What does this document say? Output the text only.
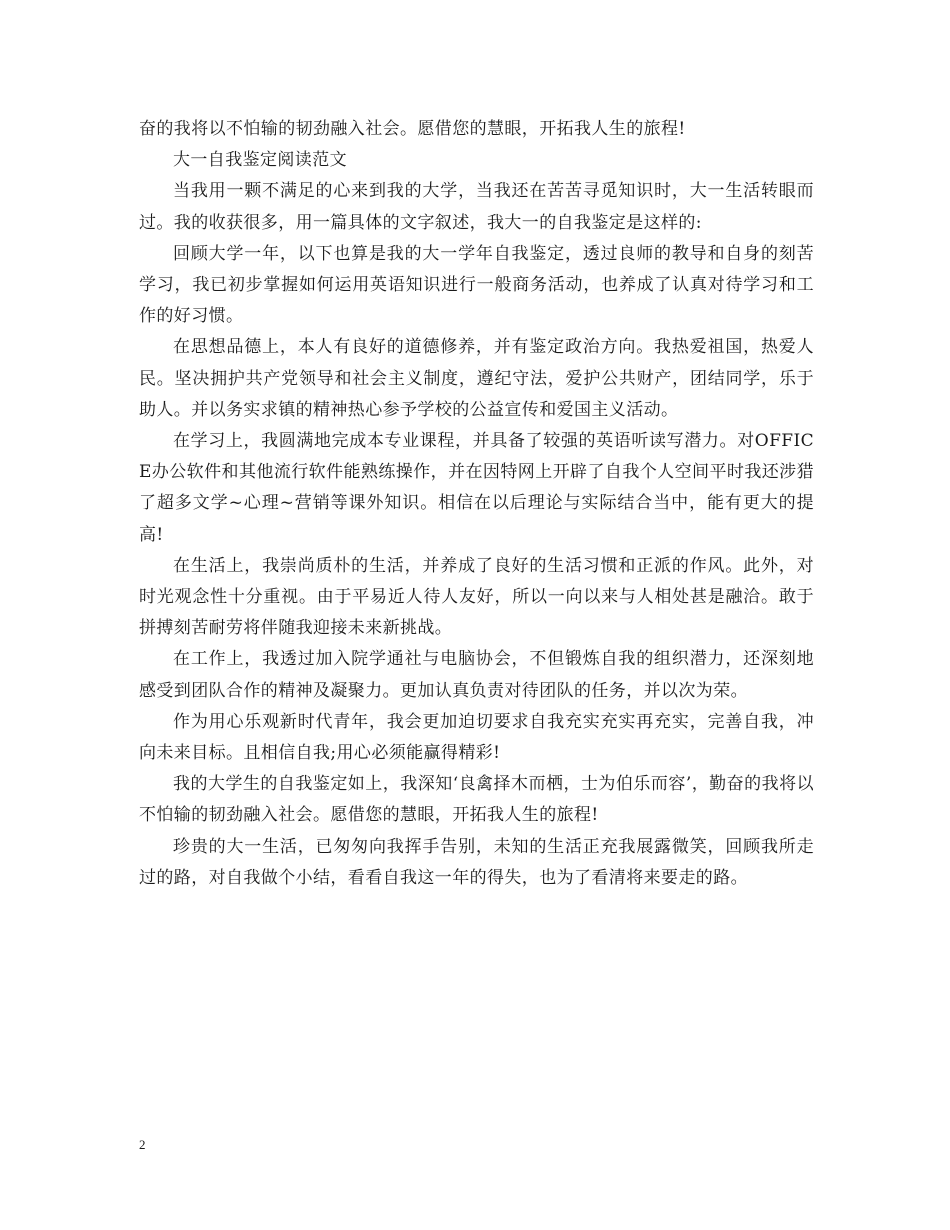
奋的我将以不怕输的韧劲融入社会。愿借您的慧眼，开拓我人生的旅程!

大一自我鉴定阅读范文

当我用一颗不满足的心来到我的大学，当我还在苦苦寻觅知识时，大一生活转眼而过。我的收获很多，用一篇具体的文字叙述，我大一的自我鉴定是这样的:

回顾大学一年，以下也算是我的大一学年自我鉴定，透过良师的教导和自身的刻苦学习，我已初步掌握如何运用英语知识进行一般商务活动，也养成了认真对待学习和工作的好习惯。

在思想品德上，本人有良好的道德修养，并有鉴定政治方向。我热爱祖国，热爱人民。坚决拥护共产党领导和社会主义制度，遵纪守法，爱护公共财产，团结同学，乐于助人。并以务实求镇的精神热心参予学校的公益宣传和爱国主义活动。

在学习上，我圆满地完成本专业课程，并具备了较强的英语听读写潜力。对OFFICE办公软件和其他流行软件能熟练操作，并在因特网上开辟了自我个人空间平时我还涉猎了超多文学~心理~营销等课外知识。相信在以后理论与实际结合当中，能有更大的提高!

在生活上，我崇尚质朴的生活，并养成了良好的生活习惯和正派的作风。此外，对时光观念性十分重视。由于平易近人待人友好，所以一向以来与人相处甚是融洽。敢于拼搏刻苦耐劳将伴随我迎接未来新挑战。

在工作上，我透过加入院学通社与电脑协会，不但锻炼自我的组织潜力，还深刻地感受到团队合作的精神及凝聚力。更加认真负责对待团队的任务，并以次为荣。

作为用心乐观新时代青年，我会更加迫切要求自我充实充实再充实，完善自我，冲向未来目标。且相信自我;用心必须能赢得精彩!

我的大学生的自我鉴定如上，我深知‘良禽择木而栖，士为伯乐而容’，勤奋的我将以不怕输的韧劲融入社会。愿借您的慧眼，开拓我人生的旅程!

珍贵的大一生活，已匆匆向我挥手告别，未知的生活正充我展露微笑，回顾我所走过的路，对自我做个小结，看看自我这一年的得失，也为了看清将来要走的路。

2
